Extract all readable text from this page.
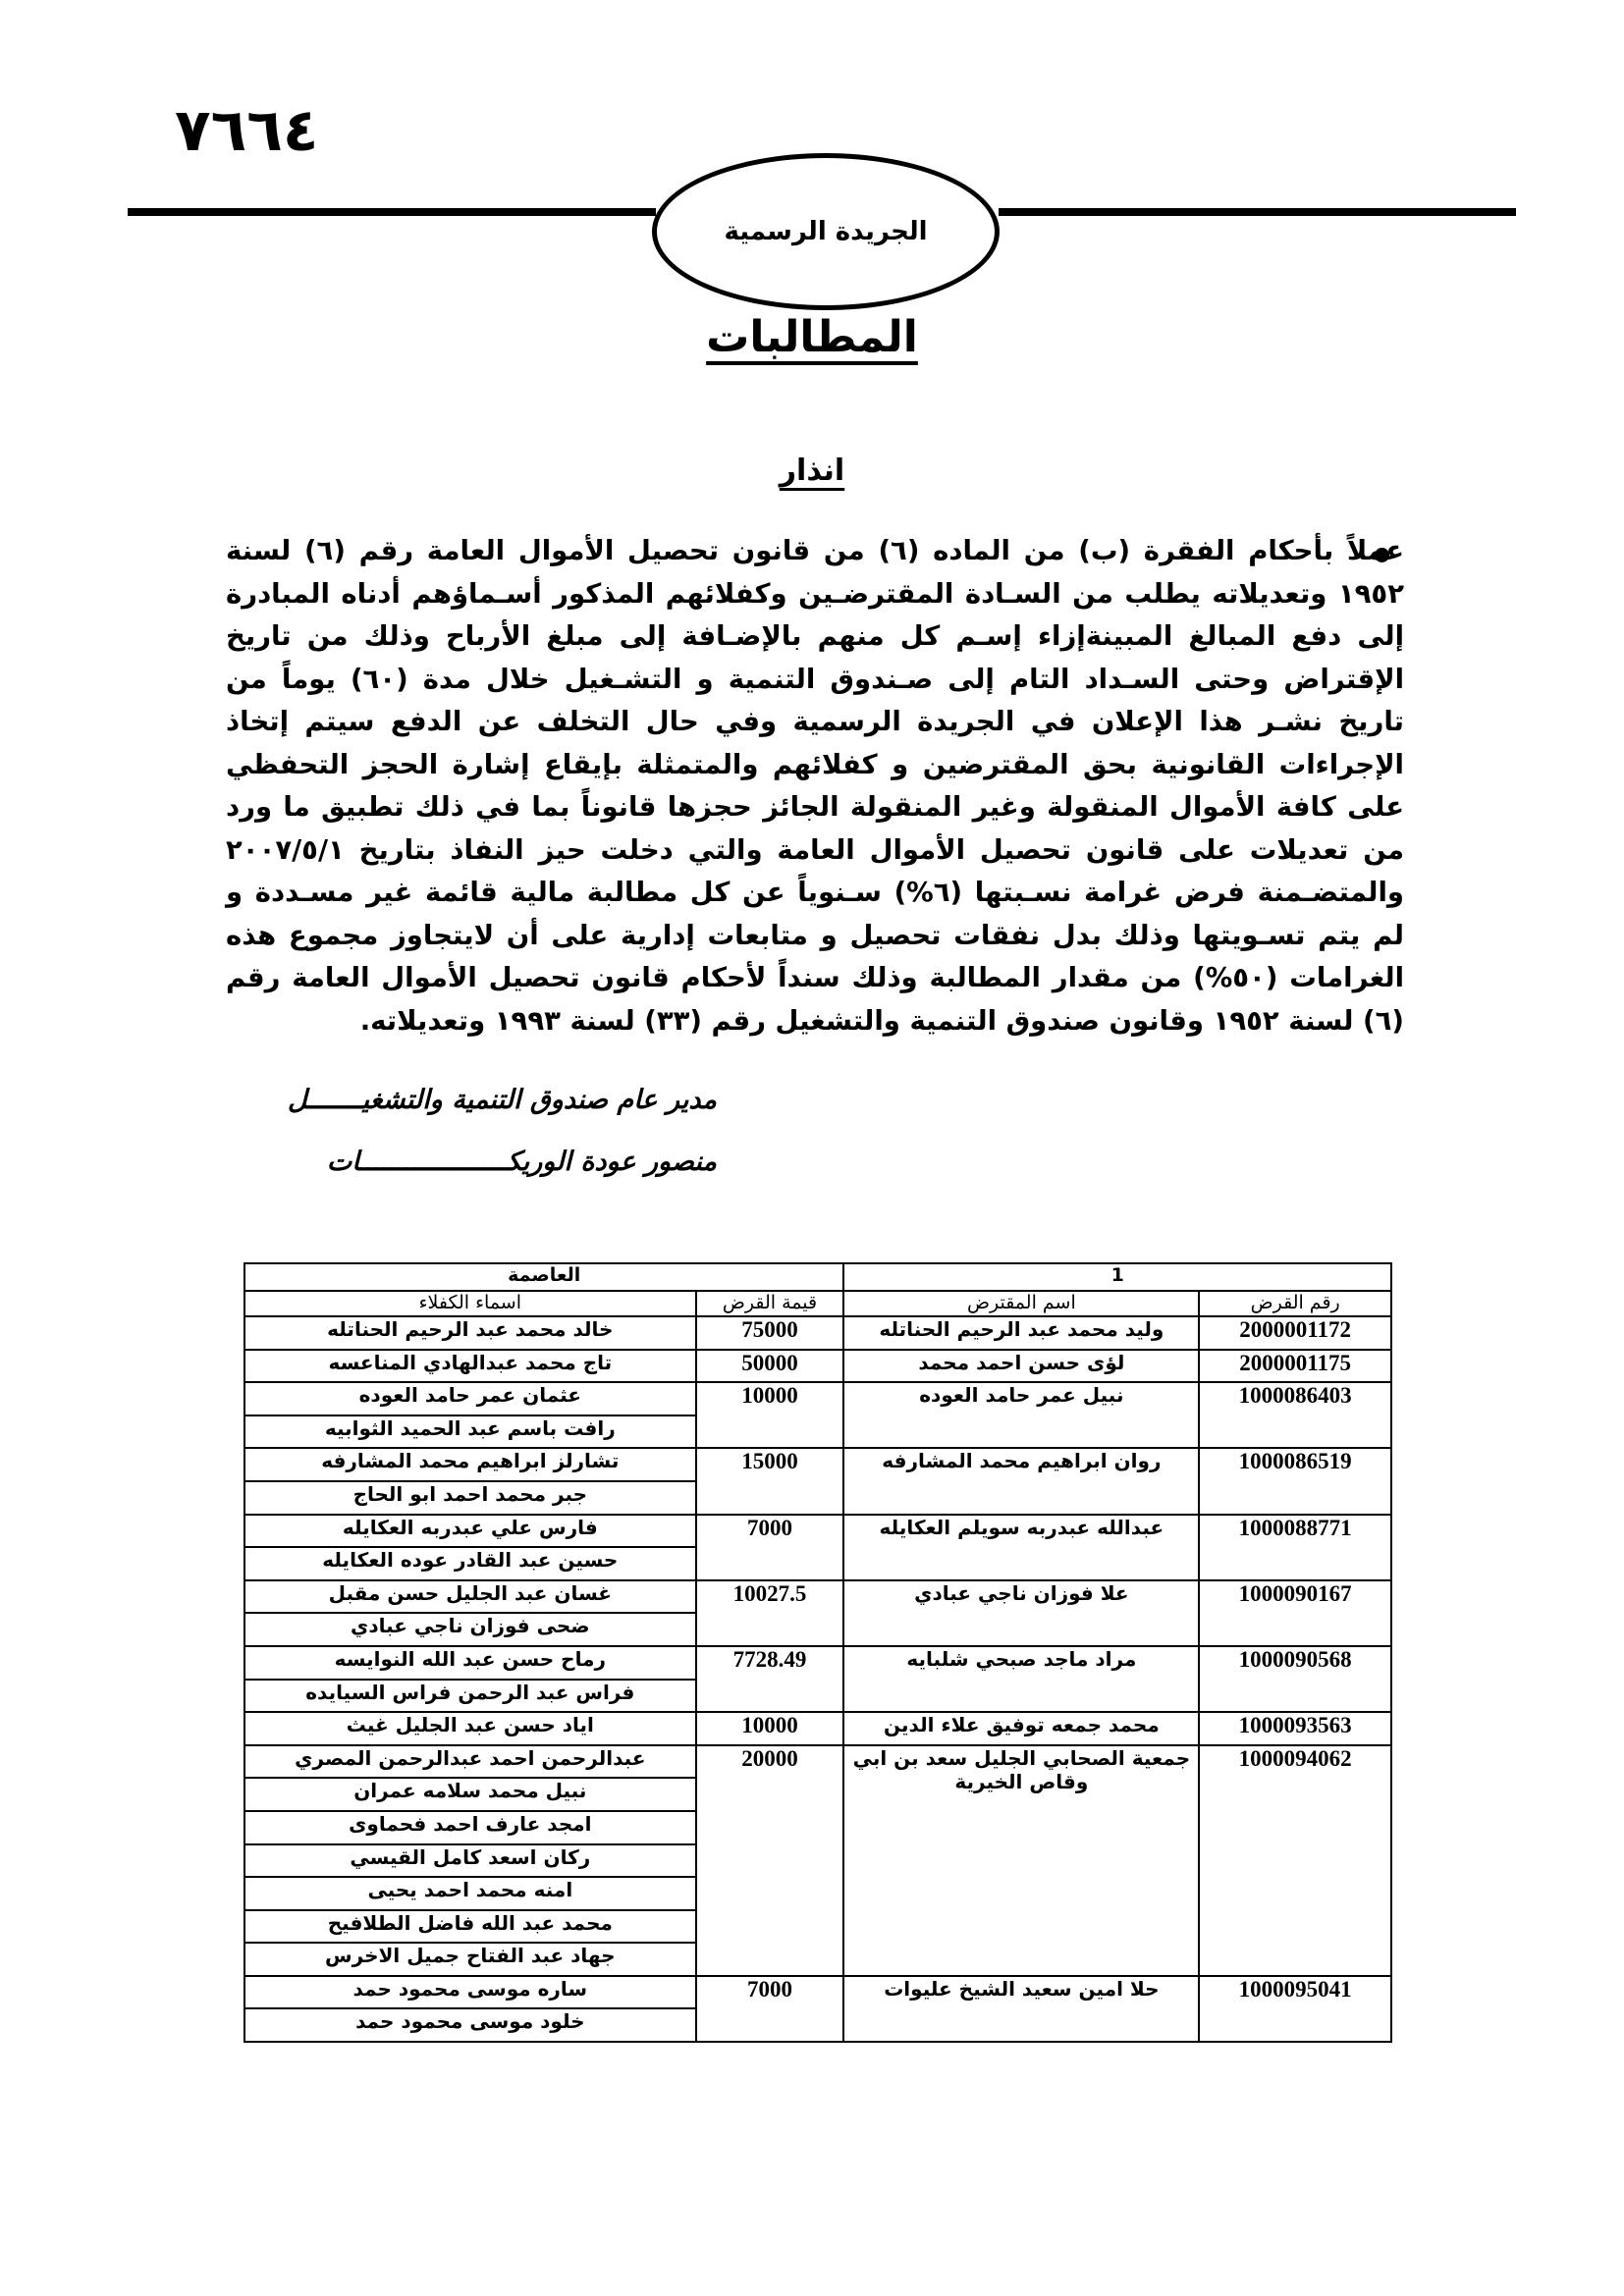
٧٦٦٤
الجريدة الرسمية
المطالبات
انذار
عملاً بأحكام الفقرة (ب) من الماده (٦) من قانون تحصيل الأموال العامة رقم (٦) لسنة ١٩٥٢ وتعديلاته يطلب من السـادة المقترضـين وكفلائهم المذكور أسـماؤهم أدناه المبادرة إلى دفع المبالغ المبينةإزاء إسـم كل منهم بالإضـافة إلى مبلغ الأرباح وذلك من تاريخ الإقتراض وحتى السـداد التام إلى صـندوق التنمية و التشـغيل خلال مدة (٦٠) يوماً من تاريخ نشـر هذا الإعلان في الجريدة الرسمية وفي حال التخلف عن الدفع سيتم إتخاذ الإجراءات القانونية بحق المقترضين و كفلائهم والمتمثلة بإيقاع إشارة الحجز التحفظي على كافة الأموال المنقولة وغير المنقولة الجائز حجزها قانوناً بما في ذلك تطبيق ما ورد من تعديلات على قانون تحصيل الأموال العامة والتي دخلت حيز النفاذ بتاريخ ٢٠٠٧/٥/١ والمتضـمنة فرض غرامة نسـبتها (٦%) سـنوياً عن كل مطالبة مالية قائمة غير مسـددة و لم يتم تسـويتها وذلك بدل نفقات تحصيل و متابعات إدارية على أن لايتجاوز مجموع هذه الغرامات (٥٠%) من مقدار المطالبة وذلك سنداً لأحكام قانون تحصيل الأموال العامة رقم (٦) لسنة ١٩٥٢ وقانون صندوق التنمية والتشغيل رقم (٣٣) لسنة ١٩٩٣ وتعديلاته.
مدير عام صندوق التنمية والتشغيـــــــل
منصور عودة الوريكـــــــــــــــــــات
1		العاصمة	
رقم القرض	اسم المقترض	قيمة القرض	اسماء الكفلاء
2000001172	وليد محمد عبد الرحيم الحناتله	75000	خالد محمد عبد الرحيم الحناتله
2000001175	لؤى حسن احمد محمد	50000	تاج محمد عبدالهادي المناعسه
1000086403	نبيل عمر حامد العوده	10000	عثمان عمر حامد العوده
			رافت باسم عبد الحميد الثوابيه
1000086519	روان ابراهيم محمد المشارفه	15000	تشارلز ابراهيم محمد المشارفه
			جبر محمد احمد ابو الحاج
1000088771	عبدالله عبدربه سويلم العكايله	7000	فارس علي عبدربه العكايله
			حسين عبد القادر عوده العكايله
1000090167	علا فوزان ناجي عبادي	10027.5	غسان عبد الجليل حسن مقبل
			ضحى فوزان ناجي عبادي
1000090568	مراد ماجد صبحي شلبايه	7728.49	رماح حسن عبد الله النوايسه
			فراس عبد الرحمن فراس السيايده
1000093563	محمد جمعه توفيق علاء الدين	10000	اياد حسن عبد الجليل غيث
1000094062	جمعية الصحابي الجليل سعد بن ابي وقاص الخيرية	20000	عبدالرحمن احمد عبدالرحمن المصري
			نبيل محمد سلامه عمران
			امجد عارف احمد فحماوى
			ركان اسعد كامل القيسي
			امنه محمد احمد يحيى
			محمد عبد الله فاضل الطلافيح
			جهاد عبد الفتاح جميل الاخرس
1000095041	حلا امين سعيد الشيخ عليوات	7000	ساره موسى محمود حمد
			خلود موسى محمود حمد
